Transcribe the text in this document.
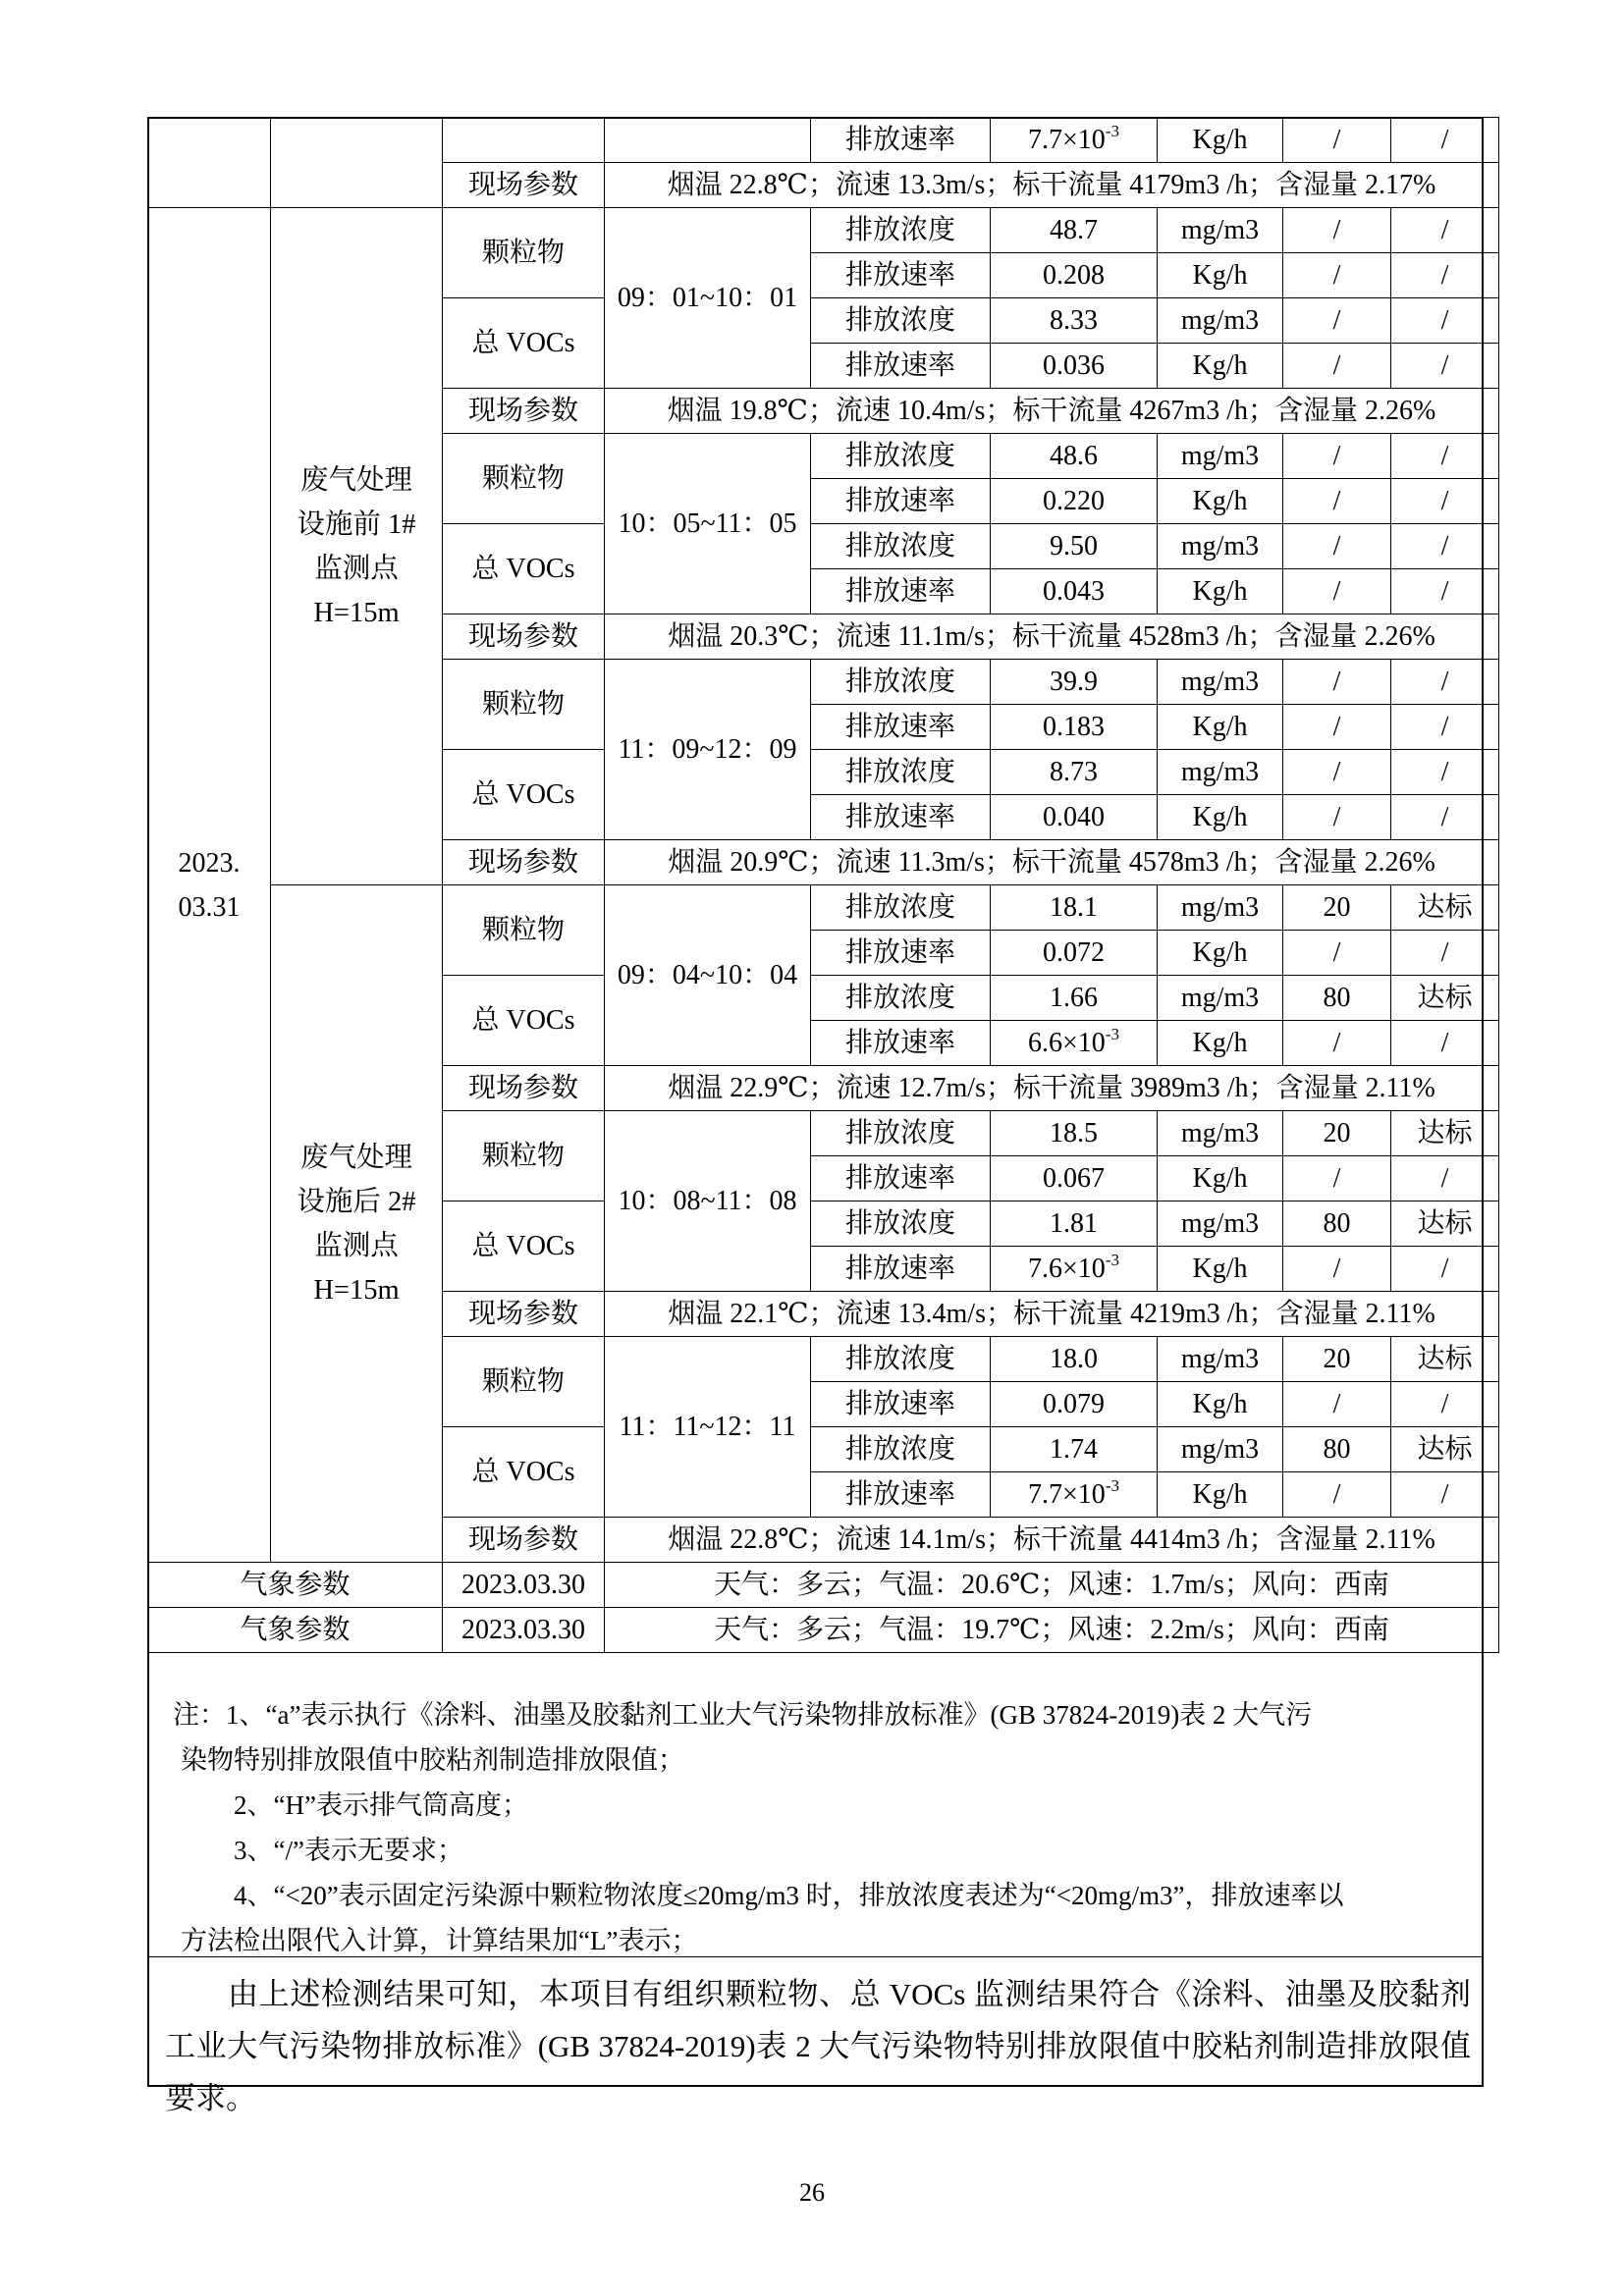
				排放速率	$7.7\times 10^{-3}$	Kg/h	/	/
		现场参数	烟温 22.8℃；流速 13.3m/s；标干流量 4179m3 /h；含湿量 2.17%					
2023.
03.31	废气处理
设施前 1#
监测点
H=15m	颗粒物	09：01~10：01	排放浓度	48.7	mg/m3	/	/
				排放速率	0.208	Kg/h	/	/
		总 VOCs		排放浓度	8.33	mg/m3	/	/
				排放速率	0.036	Kg/h	/	/
		现场参数	烟温 19.8℃；流速 10.4m/s；标干流量 4267m3 /h；含湿量 2.26%					
		颗粒物	10：05~11：05	排放浓度	48.6	mg/m3	/	/
				排放速率	0.220	Kg/h	/	/
		总 VOCs		排放浓度	9.50	mg/m3	/	/
				排放速率	0.043	Kg/h	/	/
		现场参数	烟温 20.3℃；流速 11.1m/s；标干流量 4528m3 /h；含湿量 2.26%					
		颗粒物	11：09~12：09	排放浓度	39.9	mg/m3	/	/
				排放速率	0.183	Kg/h	/	/
		总 VOCs		排放浓度	8.73	mg/m3	/	/
				排放速率	0.040	Kg/h	/	/
		现场参数	烟温 20.9℃；流速 11.3m/s；标干流量 4578m3 /h；含湿量 2.26%					
	废气处理
设施后 2#
监测点
H=15m	颗粒物	09：04~10：04	排放浓度	18.1	mg/m3	20	达标
				排放速率	0.072	Kg/h	/	/
		总 VOCs		排放浓度	1.66	mg/m3	80	达标
				排放速率	$6.6\times 10^{-3}$	Kg/h	/	/
		现场参数	烟温 22.9℃；流速 12.7m/s；标干流量 3989m3 /h；含湿量 2.11%					
		颗粒物	10：08~11：08	排放浓度	18.5	mg/m3	20	达标
				排放速率	0.067	Kg/h	/	/
		总 VOCs		排放浓度	1.81	mg/m3	80	达标
				排放速率	$7.6\times 10^{-3}$	Kg/h	/	/
		现场参数	烟温 22.1℃；流速 13.4m/s；标干流量 4219m3 /h；含湿量 2.11%					
		颗粒物	11：11~12：11	排放浓度	18.0	mg/m3	20	达标
				排放速率	0.079	Kg/h	/	/
		总 VOCs		排放浓度	1.74	mg/m3	80	达标
				排放速率	$7.7\times 10^{-3}$	Kg/h	/	/
		现场参数	烟温 22.8℃；流速 14.1m/s；标干流量 4414m3 /h；含湿量 2.11%					
气象参数		2023.03.30	天气：多云；气温：20.6℃；风速：1.7m/s；风向：西南					
气象参数		2023.03.30	天气：多云；气温：19.7℃；风速：2.2m/s；风向：西南					

注：1、“a”表示执行《涂料、油墨及胶黏剂工业大气污染物排放标准》(GB 37824-2019)表 2 大气污

染物特别排放限值中胶粘剂制造排放限值；

2、“H”表示排气筒高度；

3、“/”表示无要求；

4、“<20”表示固定污染源中颗粒物浓度≤20mg/m3 时，排放浓度表述为“<20mg/m3”，排放速率以

方法检出限代入计算，计算结果加“L”表示；

由上述检测结果可知，本项目有组织颗粒物、总 VOCs 监测结果符合《涂料、油墨及胶黏剂工业大气污染物排放标准》(GB 37824-2019)表 2 大气污染物特别排放限值中胶粘剂制造排放限值要求。

26
